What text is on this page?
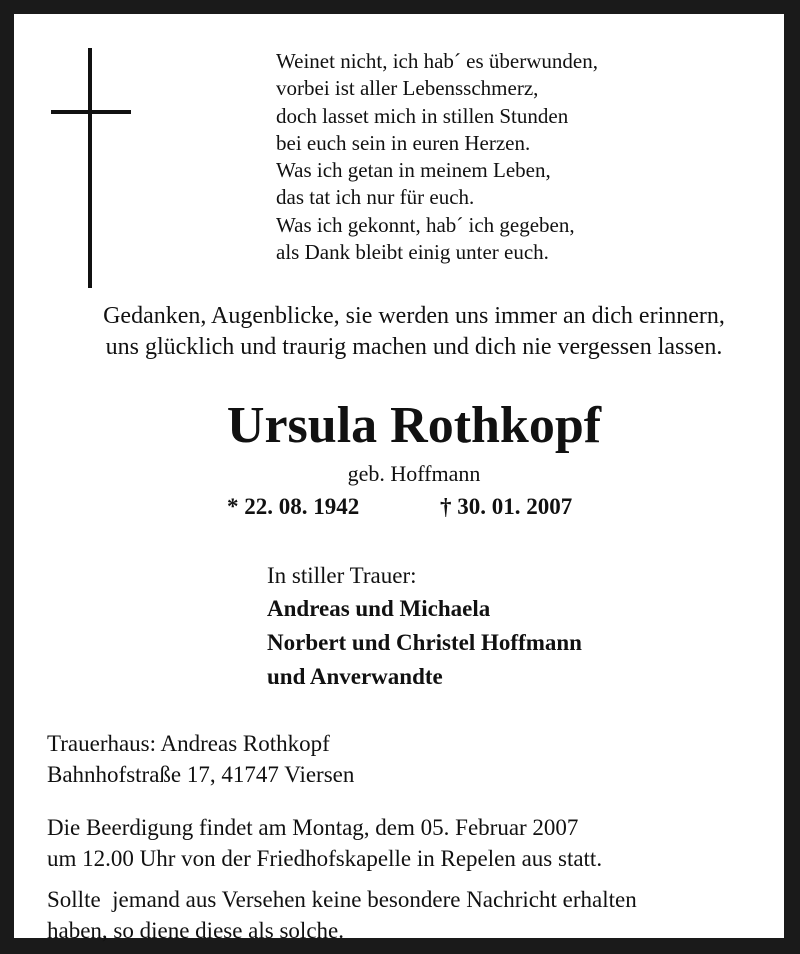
Weinet nicht, ich hab´ es überwunden,
vorbei ist aller Lebensschmerz,
doch lasset mich in stillen Stunden
bei euch sein in euren Herzen.
Was ich getan in meinem Leben,
das tat ich nur für euch.
Was ich gekonnt, hab´ ich gegeben,
als Dank bleibt einig unter euch.
Gedanken, Augenblicke, sie werden uns immer an dich erinnern,
uns glücklich und traurig machen und dich nie vergessen lassen.
Ursula Rothkopf
geb. Hoffmann
* 22. 08. 1942	† 30. 01. 2007
In stiller Trauer:
Andreas und Michaela
Norbert und Christel Hoffmann
und Anverwandte
Trauerhaus: Andreas Rothkopf
Bahnhofstraße 17, 41747 Viersen
Die Beerdigung findet am Montag, dem 05. Februar 2007
um 12.00 Uhr von der Friedhofskapelle in Repelen aus statt.
Sollte  jemand aus Versehen keine besondere Nachricht erhalten
haben, so diene diese als solche.
